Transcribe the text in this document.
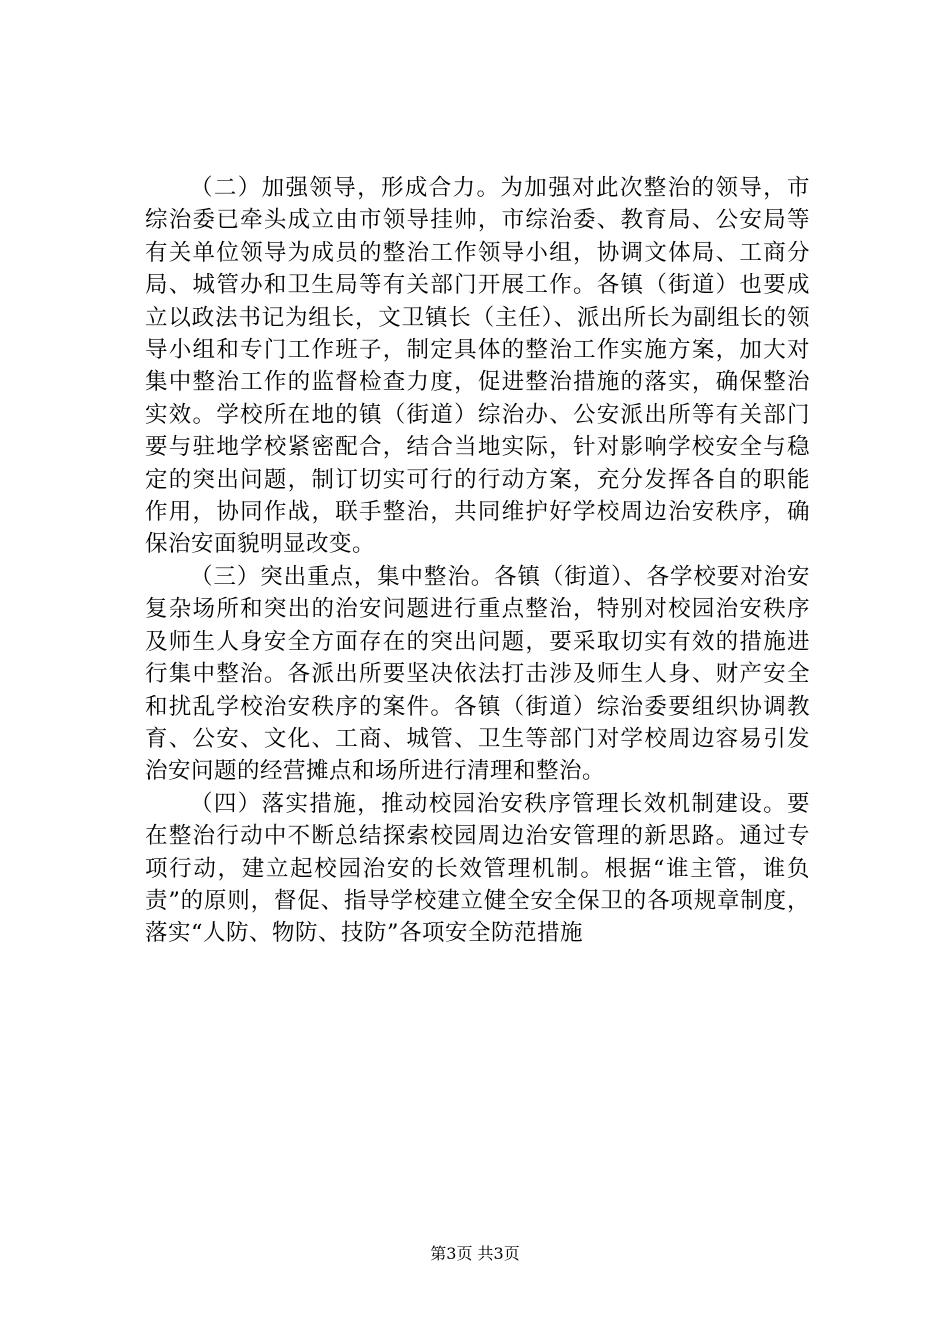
（二）加强领导，形成合力。为加强对此次整治的领导，市综治委已牵头成立由市领导挂帅，市综治委、教育局、公安局等有关单位领导为成员的整治工作领导小组，协调文体局、工商分局、城管办和卫生局等有关部门开展工作。各镇（街道）也要成立以政法书记为组长，文卫镇长（主任）、派出所长为副组长的领导小组和专门工作班子，制定具体的整治工作实施方案，加大对集中整治工作的监督检查力度，促进整治措施的落实，确保整治实效。学校所在地的镇（街道）综治办、公安派出所等有关部门要与驻地学校紧密配合，结合当地实际，针对影响学校安全与稳定的突出问题，制订切实可行的行动方案，充分发挥各自的职能作用，协同作战，联手整治，共同维护好学校周边治安秩序，确保治安面貌明显改变。

（三）突出重点，集中整治。各镇（街道）、各学校要对治安复杂场所和突出的治安问题进行重点整治，特别对校园治安秩序及师生人身安全方面存在的突出问题，要采取切实有效的措施进行集中整治。各派出所要坚决依法打击涉及师生人身、财产安全和扰乱学校治安秩序的案件。各镇（街道）综治委要组织协调教育、公安、文化、工商、城管、卫生等部门对学校周边容易引发治安问题的经营摊点和场所进行清理和整治。

（四）落实措施，推动校园治安秩序管理长效机制建设。要在整治行动中不断总结探索校园周边治安管理的新思路。通过专项行动，建立起校园治安的长效管理机制。根据“谁主管，谁负责”的原则，督促、指导学校建立健全安全保卫的各项规章制度，落实“人防、物防、技防”各项安全防范措施

第3页 共3页
